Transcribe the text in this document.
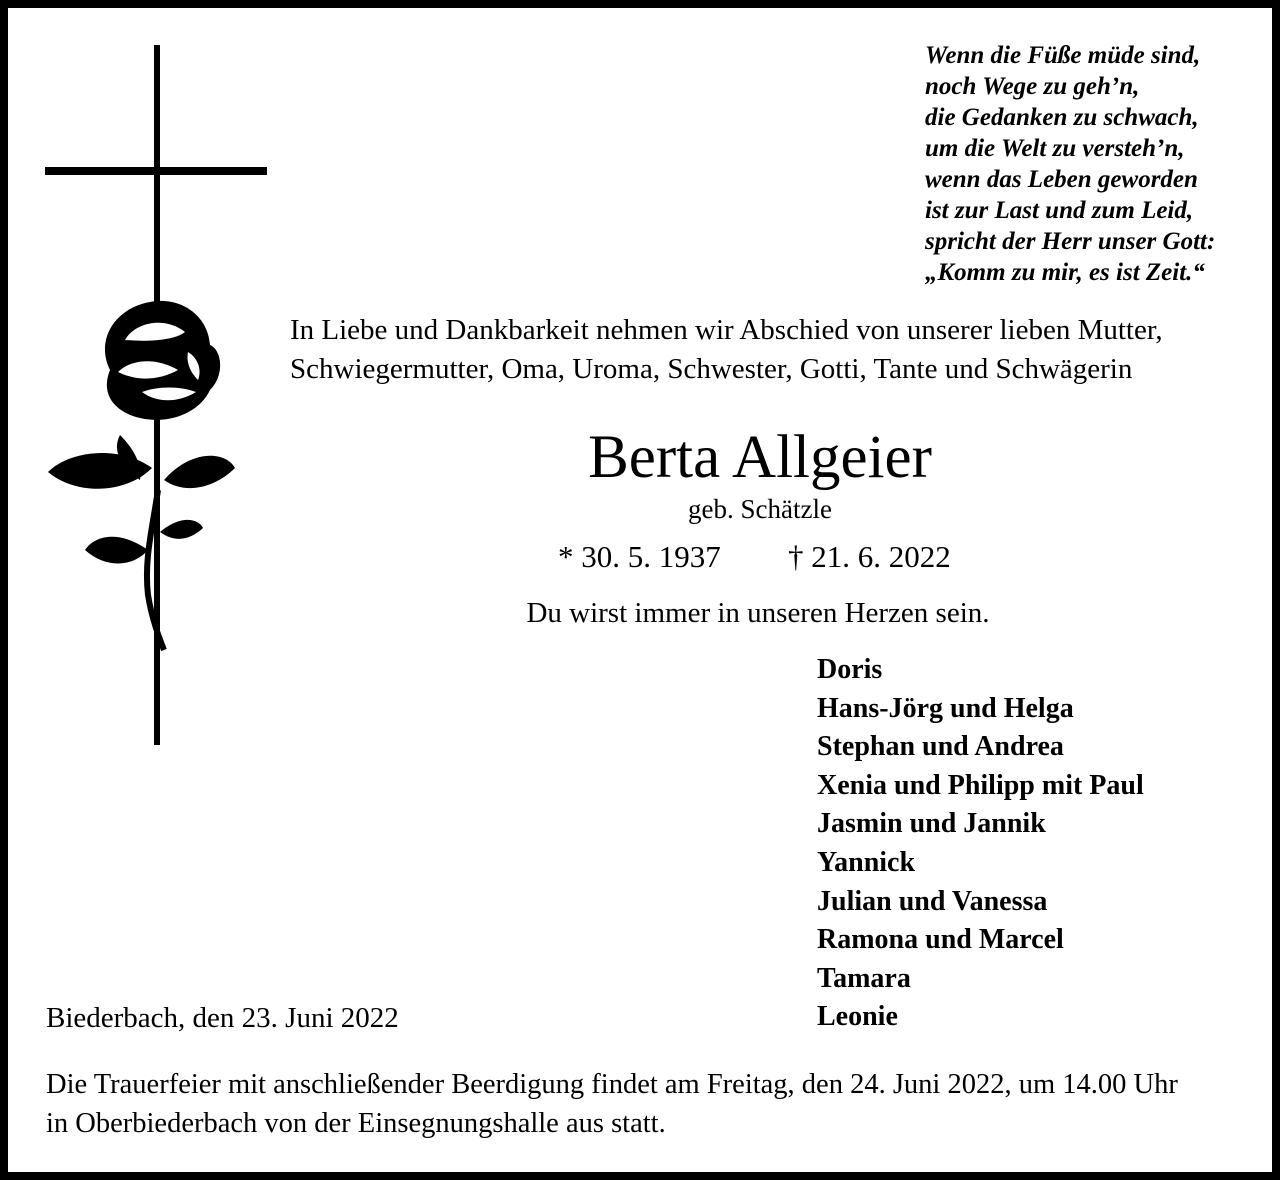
Wenn die Füße müde sind,
noch Wege zu geh’n,
die Gedanken zu schwach,
um die Welt zu versteh’n,
wenn das Leben geworden
ist zur Last und zum Leid,
spricht der Herr unser Gott:
„Komm zu mir, es ist Zeit.“
In Liebe und Dankbarkeit nehmen wir Abschied von unserer lieben Mutter,
Schwiegermutter, Oma, Uroma, Schwester, Gotti, Tante und Schwägerin
Berta Allgeier
geb. Schätzle
* 30. 5. 1937 † 21. 6. 2022
Du wirst immer in unseren Herzen sein.
Doris
Hans-Jörg und Helga
Stephan und Andrea
Xenia und Philipp mit Paul
Jasmin und Jannik
Yannick
Julian und Vanessa
Ramona und Marcel
Tamara
Leonie
Biederbach, den 23. Juni 2022
Die Trauerfeier mit anschließender Beerdigung findet am Freitag, den 24. Juni 2022, um 14.00 Uhr
in Oberbiederbach von der Einsegnungshalle aus statt.
